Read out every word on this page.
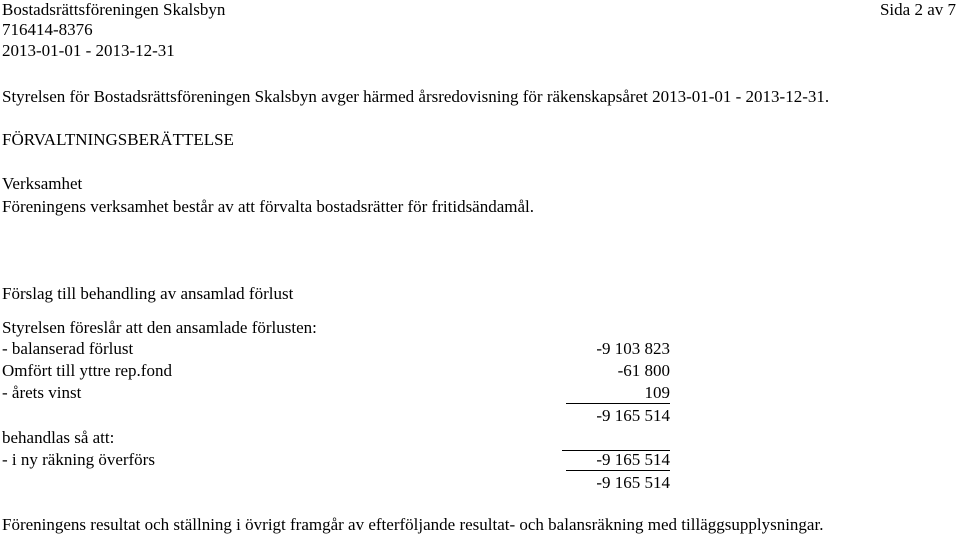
Bostadsrättsföreningen Skalsbyn	Sida 2 av 7
716414-8376
2013-01-01 - 2013-12-31
Styrelsen för Bostadsrättsföreningen Skalsbyn avger härmed årsredovisning för räkenskapsåret 2013-01-01 - 2013-12-31.
FÖRVALTNINGSBERÄTTELSE
Verksamhet
Föreningens verksamhet består av att förvalta bostadsrätter för fritidsändamål.
Förslag till behandling av ansamlad förlust
Styrelsen föreslår att den ansamlade förlusten:
- balanserad förlust	-9 103 823
Omfört till yttre rep.fond	-61 800
- årets vinst	109
-9 165 514
behandlas så att:
- i ny räkning överförs	-9 165 514
-9 165 514
Föreningens resultat och ställning i övrigt framgår av efterföljande resultat- och balansräkning med tilläggsupplysningar.
